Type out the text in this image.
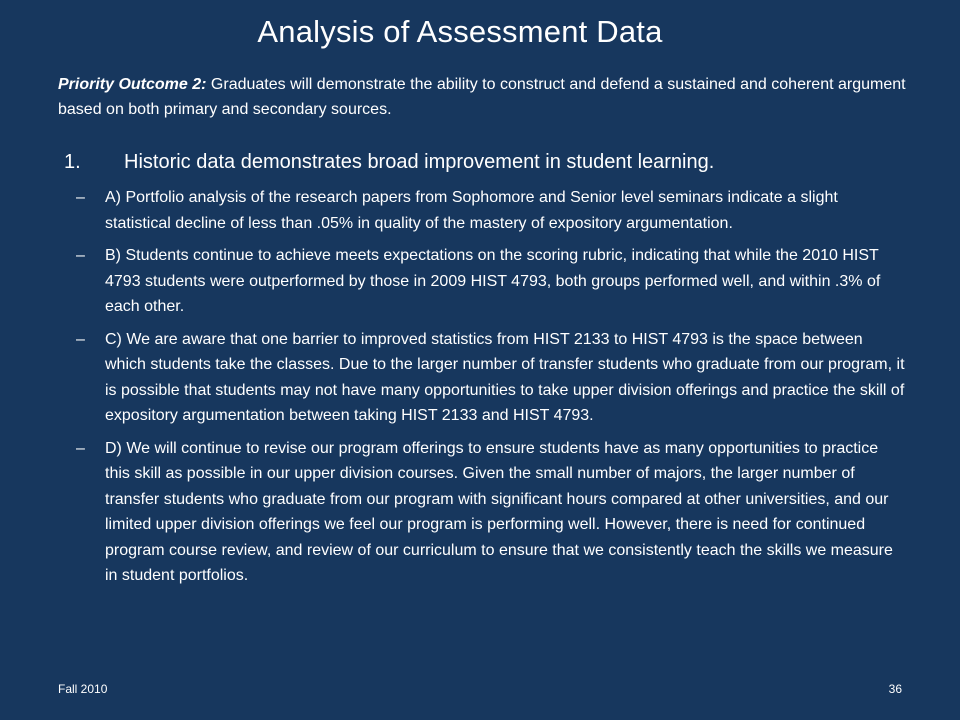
Analysis of Assessment Data

Priority Outcome 2: Graduates will demonstrate the ability to construct and defend a sustained and coherent argument based on both primary and secondary sources.

1.	Historic data demonstrates broad improvement in student learning.
–	A) Portfolio analysis of the research papers from Sophomore and Senior level seminars indicate a slight statistical decline of less than .05% in quality of the mastery of expository argumentation.
–	B) Students continue to achieve meets expectations on the scoring rubric, indicating that while the 2010 HIST 4793 students were outperformed by those in 2009 HIST 4793, both groups performed well, and within .3% of each other.
–	C) We are aware that one barrier to improved statistics from HIST 2133 to HIST 4793 is the space between which students take the classes. Due to the larger number of transfer students who graduate from our program, it is possible that students may not have many opportunities to take upper division offerings and practice the skill of expository argumentation between taking HIST 2133 and HIST 4793.
–	D) We will continue to revise our program offerings to ensure students have as many opportunities to practice this skill as possible in our upper division courses. Given the small number of majors, the larger number of transfer students who graduate from our program with significant hours compared at other universities, and our limited upper division offerings we feel our program is performing well. However, there is need for continued program course review, and review of our curriculum to ensure that we consistently teach the skills we measure in student portfolios.
Fall 2010	36
